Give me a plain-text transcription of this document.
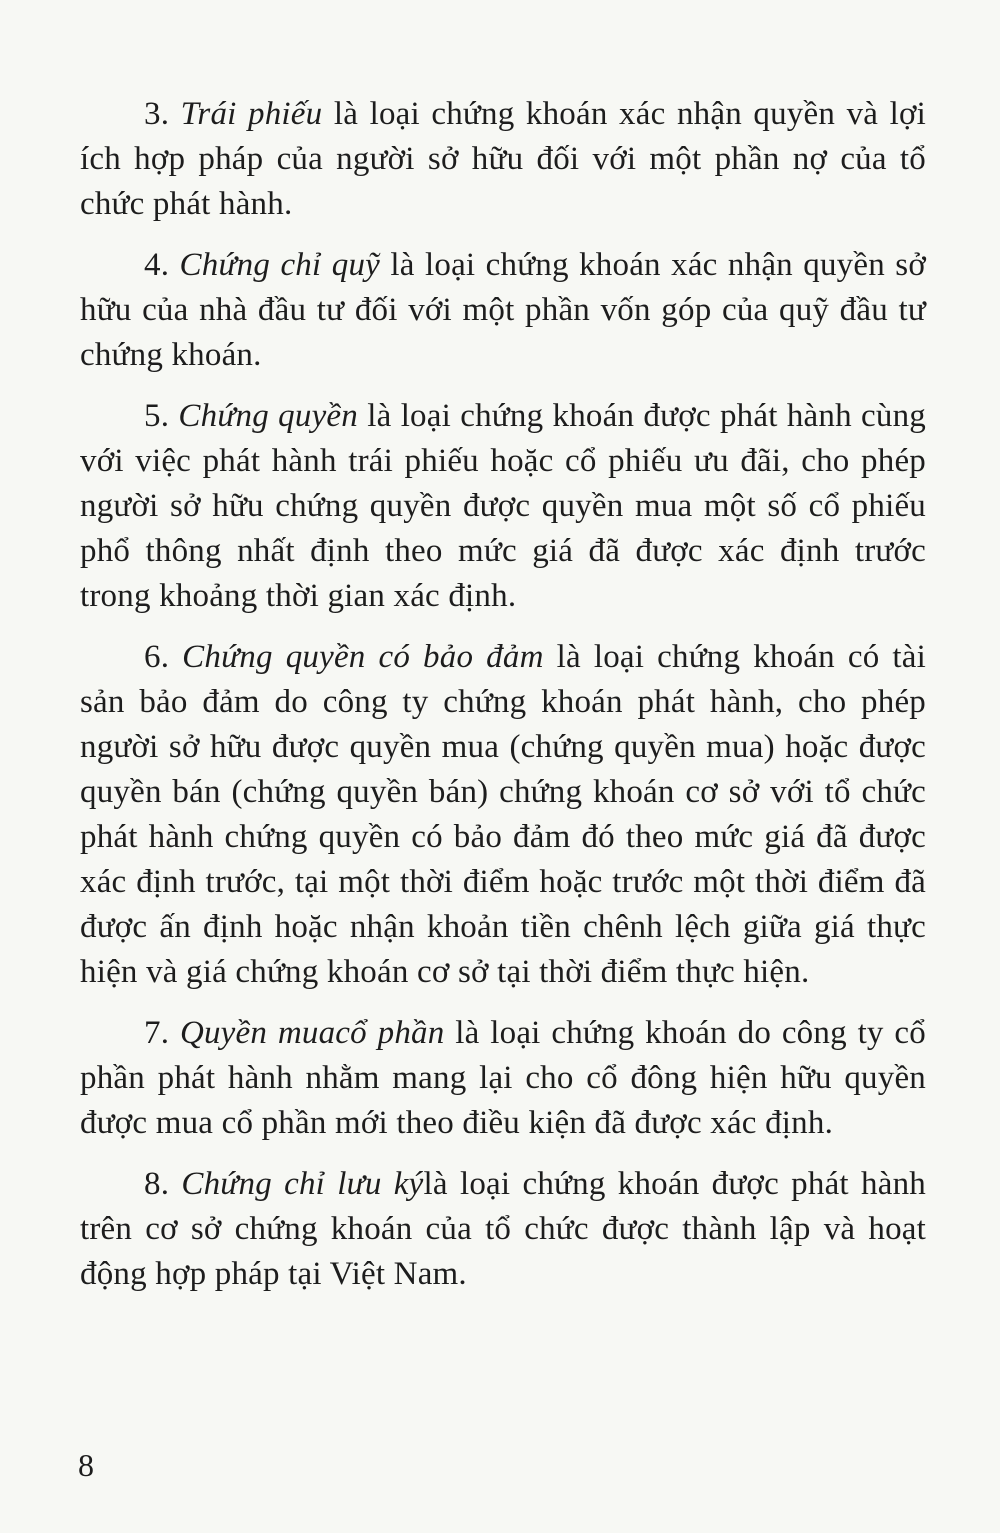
3. Trái phiếu là loại chứng khoán xác nhận quyền và lợi ích hợp pháp của người sở hữu đối với một phần nợ của tổ chức phát hành.

4. Chứng chỉ quỹ là loại chứng khoán xác nhận quyền sở hữu của nhà đầu tư đối với một phần vốn góp của quỹ đầu tư chứng khoán.

5. Chứng quyền là loại chứng khoán được phát hành cùng với việc phát hành trái phiếu hoặc cổ phiếu ưu đãi, cho phép người sở hữu chứng quyền được quyền mua một số cổ phiếu phổ thông nhất định theo mức giá đã được xác định trước trong khoảng thời gian xác định.

6. Chứng quyền có bảo đảm là loại chứng khoán có tài sản bảo đảm do công ty chứng khoán phát hành, cho phép người sở hữu được quyền mua (chứng quyền mua) hoặc được quyền bán (chứng quyền bán) chứng khoán cơ sở với tổ chức phát hành chứng quyền có bảo đảm đó theo mức giá đã được xác định trước, tại một thời điểm hoặc trước một thời điểm đã được ấn định hoặc nhận khoản tiền chênh lệch giữa giá thực hiện và giá chứng khoán cơ sở tại thời điểm thực hiện.

7. Quyền muacổ phần là loại chứng khoán do công ty cổ phần phát hành nhằm mang lại cho cổ đông hiện hữu quyền được mua cổ phần mới theo điều kiện đã được xác định.

8. Chứng chỉ lưu kýlà loại chứng khoán được phát hành trên cơ sở chứng khoán của tổ chức được thành lập và hoạt động hợp pháp tại Việt Nam.

8
